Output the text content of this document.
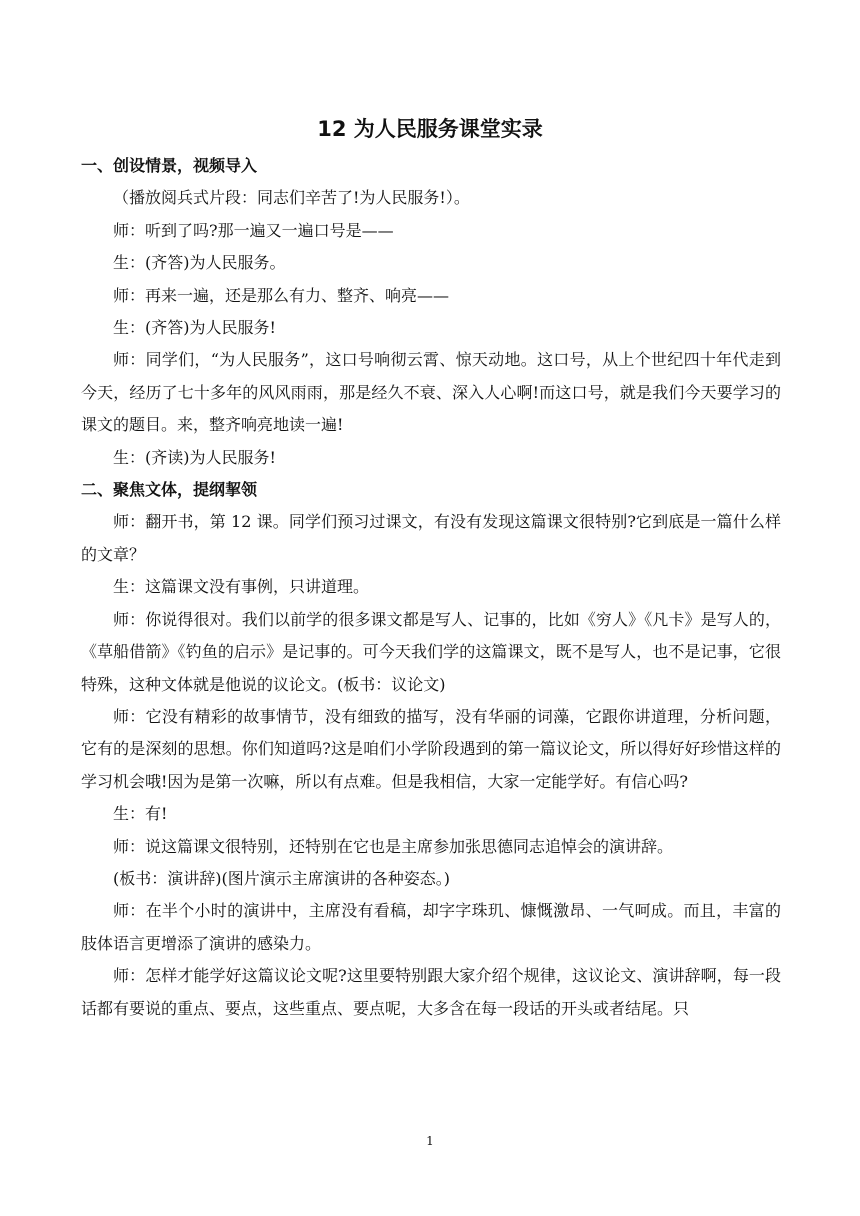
12 为人民服务课堂实录

一、创设情景，视频导入

（播放阅兵式片段：同志们辛苦了!为人民服务!）。

师：听到了吗?那一遍又一遍口号是——

生：(齐答)为人民服务。

师：再来一遍，还是那么有力、整齐、响亮——

生：(齐答)为人民服务!

师：同学们，“为人民服务”，这口号响彻云霄、惊天动地。这口号，从上个世纪四十年代走到今天，经历了七十多年的风风雨雨，那是经久不衰、深入人心啊!而这口号，就是我们今天要学习的课文的题目。来，整齐响亮地读一遍!

生：(齐读)为人民服务!

二、聚焦文体，提纲挈领

师：翻开书，第 12 课。同学们预习过课文，有没有发现这篇课文很特别?它到底是一篇什么样的文章？

生：这篇课文没有事例，只讲道理。

师：你说得很对。我们以前学的很多课文都是写人、记事的，比如《穷人》《凡卡》是写人的，《草船借箭》《钓鱼的启示》是记事的。可今天我们学的这篇课文，既不是写人，也不是记事，它很特殊，这种文体就是他说的议论文。(板书：议论文)

师：它没有精彩的故事情节，没有细致的描写，没有华丽的词藻，它跟你讲道理，分析问题，它有的是深刻的思想。你们知道吗?这是咱们小学阶段遇到的第一篇议论文，所以得好好珍惜这样的学习机会哦!因为是第一次嘛，所以有点难。但是我相信，大家一定能学好。有信心吗?

生：有!

师：说这篇课文很特别，还特别在它也是主席参加张思德同志追悼会的演讲辞。

(板书：演讲辞)(图片演示主席演讲的各种姿态。)

师：在半个小时的演讲中，主席没有看稿，却字字珠玑、慷慨激昂、一气呵成。而且，丰富的肢体语言更增添了演讲的感染力。

师：怎样才能学好这篇议论文呢?这里要特别跟大家介绍个规律，这议论文、演讲辞啊，每一段话都有要说的重点、要点，这些重点、要点呢，大多含在每一段话的开头或者结尾。只

1
